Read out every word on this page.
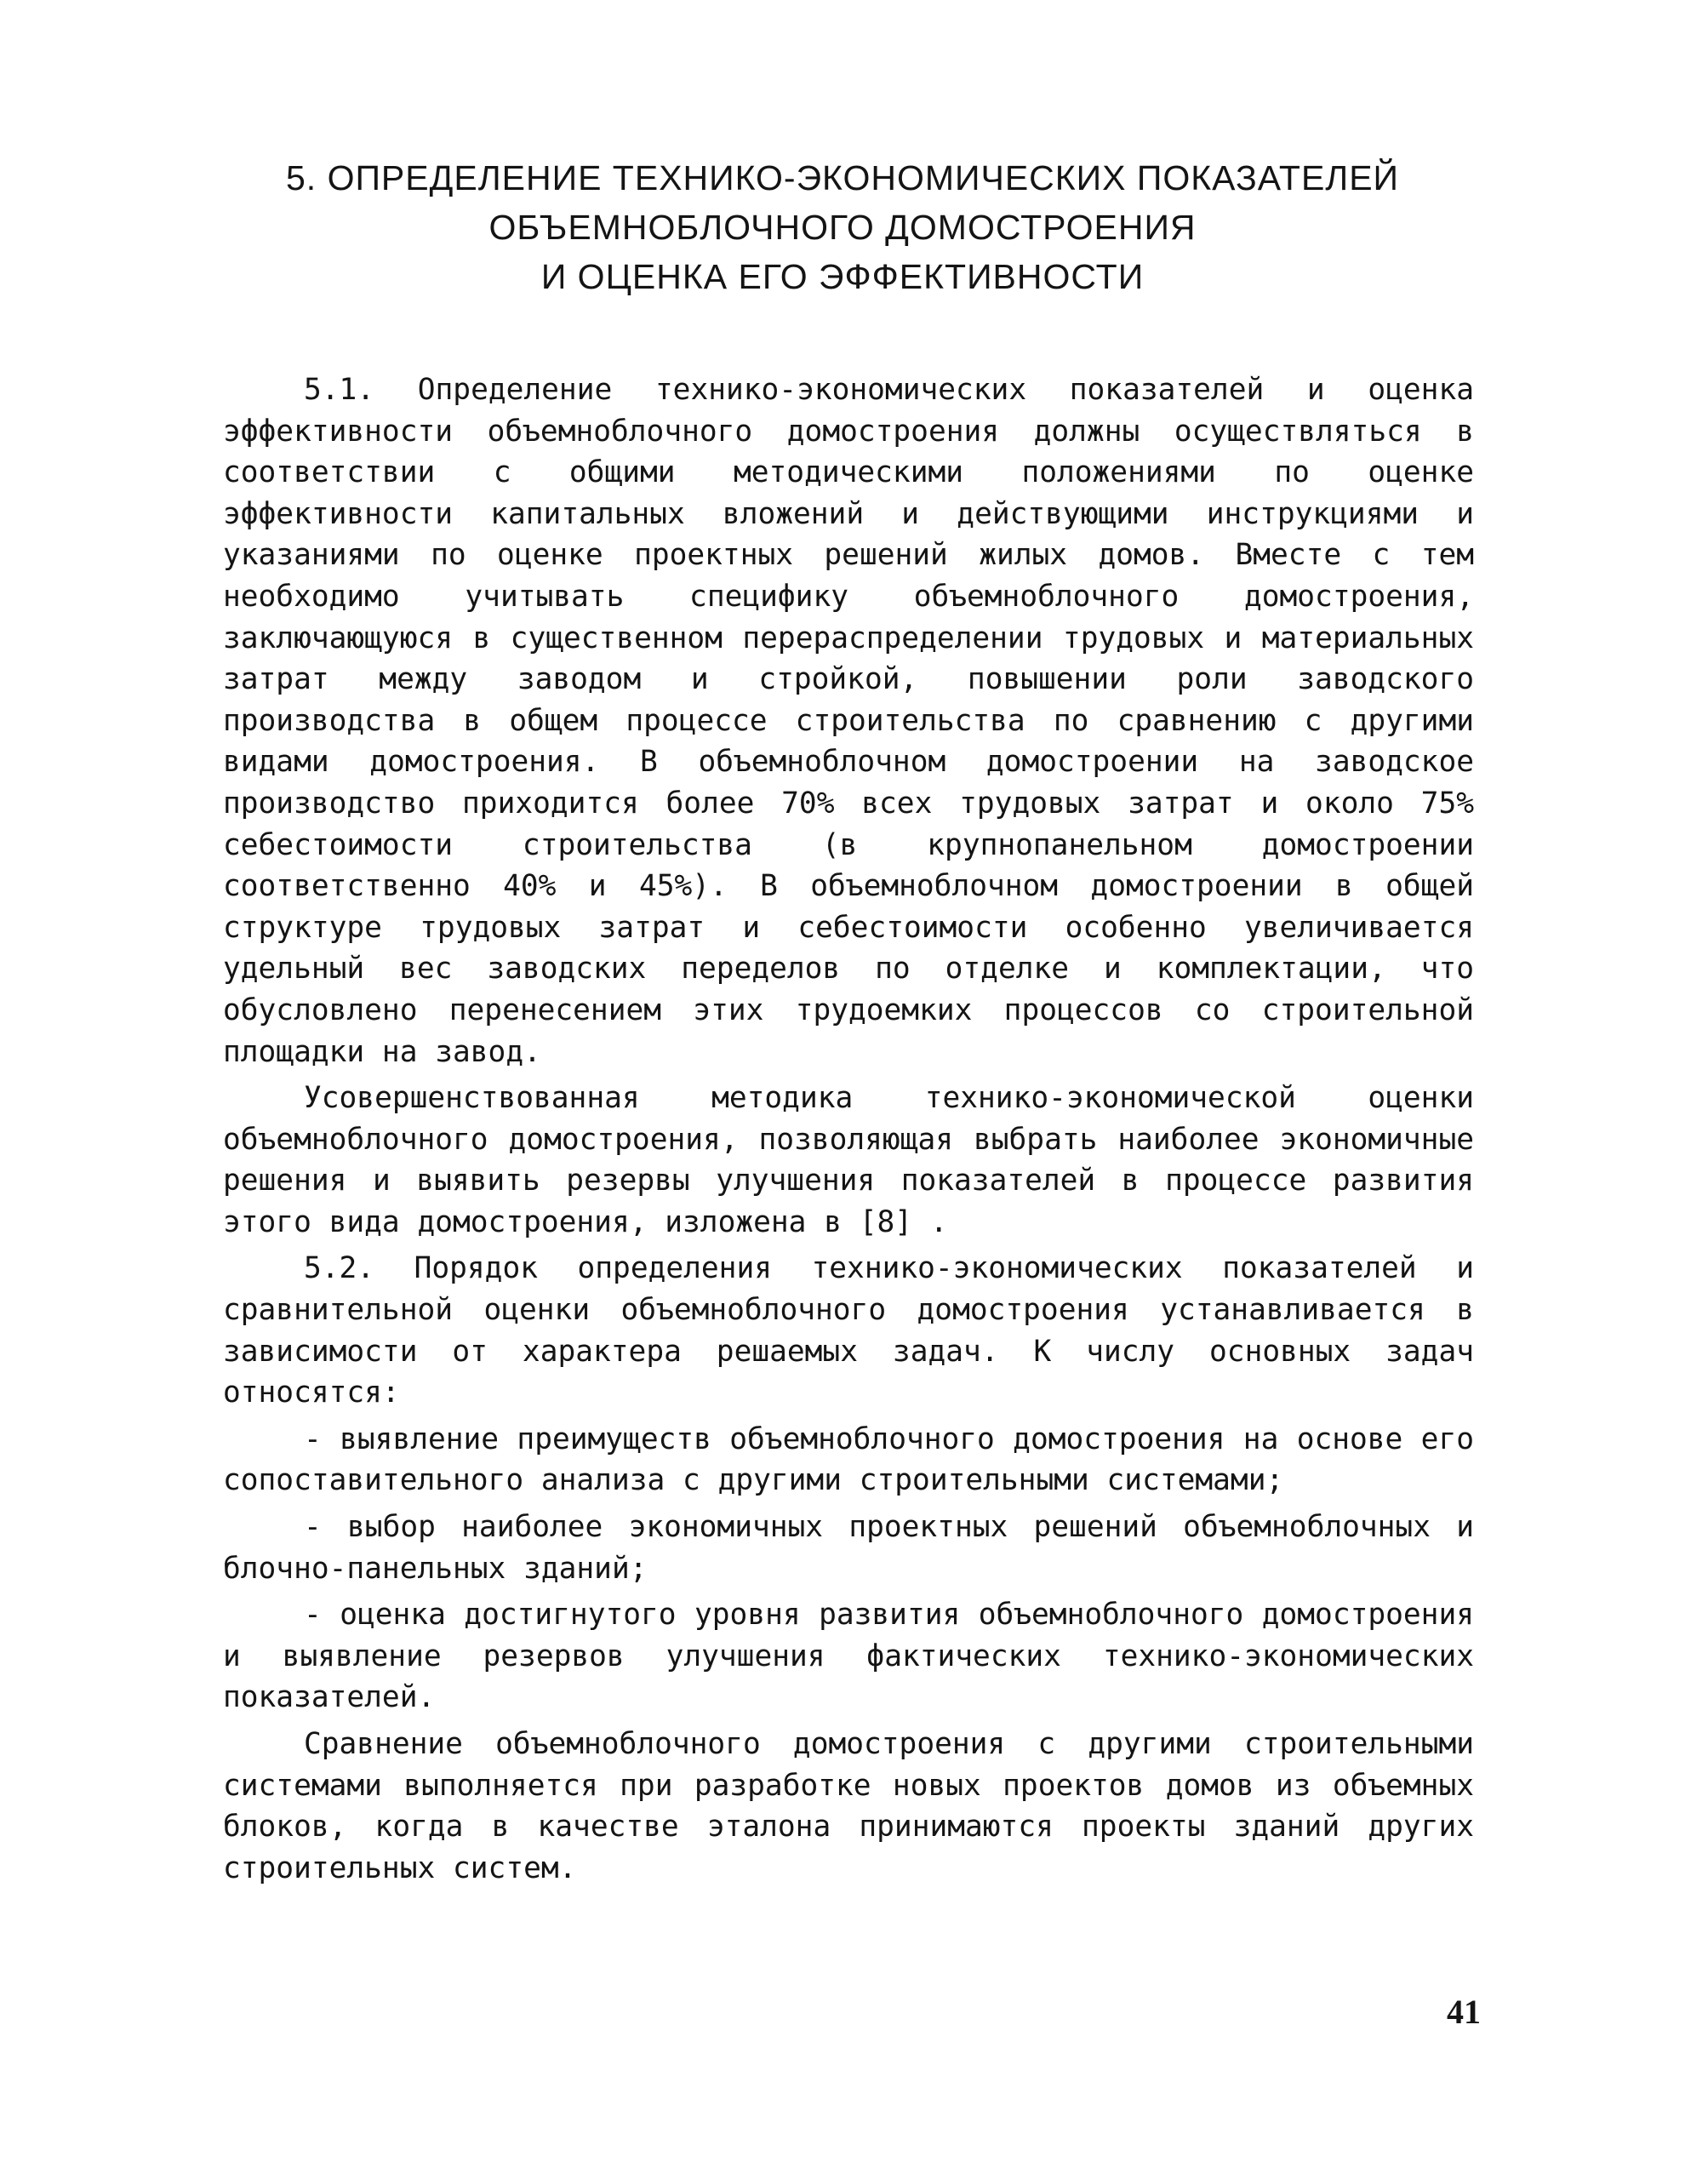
5. ОПРЕДЕЛЕНИЕ ТЕХНИКО-ЭКОНОМИЧЕСКИХ ПОКАЗАТЕЛЕЙ
ОБЪЕМНОБЛОЧНОГО ДОМОСТРОЕНИЯ
И ОЦЕНКА ЕГО ЭФФЕКТИВНОСТИ

5.1. Определение технико-экономических показателей и оценка эффективности объемноблочного домостроения должны осуществляться в соответствии с общими методическими положениями по оценке эффективности капитальных вложений и действующими инструкциями и указаниями по оценке проектных решений жилых домов. Вместе с тем необходимо учитывать специфику объемноблочного домостроения, заключающуюся в существенном перераспределении трудовых и материальных затрат между заводом и стройкой, повышении роли заводского производства в общем процессе строительства по сравнению с другими видами домостроения. В объемноблочном домостроении на заводское производство приходится более 70% всех трудовых затрат и около 75% себестоимости строительства (в крупнопанельном домостроении соответственно 40% и 45%). В объемноблочном домостроении в общей структуре трудовых затрат и себестоимости особенно увеличивается удельный вес заводских переделов по отделке и комплектации, что обусловлено перенесением этих трудоемких процессов со строительной площадки на завод.

Усовершенствованная методика технико-экономической оценки объемноблочного домостроения, позволяющая выбрать наиболее экономичные решения и выявить резервы улучшения показателей в процессе развития этого вида домостроения, изложена в [8] .

5.2. Порядок определения технико-экономических показателей и сравнительной оценки объемноблочного домостроения устанавливается в зависимости от характера решаемых задач. К числу основных задач относятся:

- выявление преимуществ объемноблочного домостроения на основе его сопоставительного анализа с другими строительными системами;

- выбор наиболее экономичных проектных решений объемноблочных и блочно-панельных зданий;

- оценка достигнутого уровня развития объемноблочного домостроения и выявление резервов улучшения фактических технико-экономических показателей.

Сравнение объемноблочного домостроения с другими строительными системами выполняется при разработке новых проектов домов из объемных блоков, когда в качестве эталона принимаются проекты зданий других строительных систем.

41
